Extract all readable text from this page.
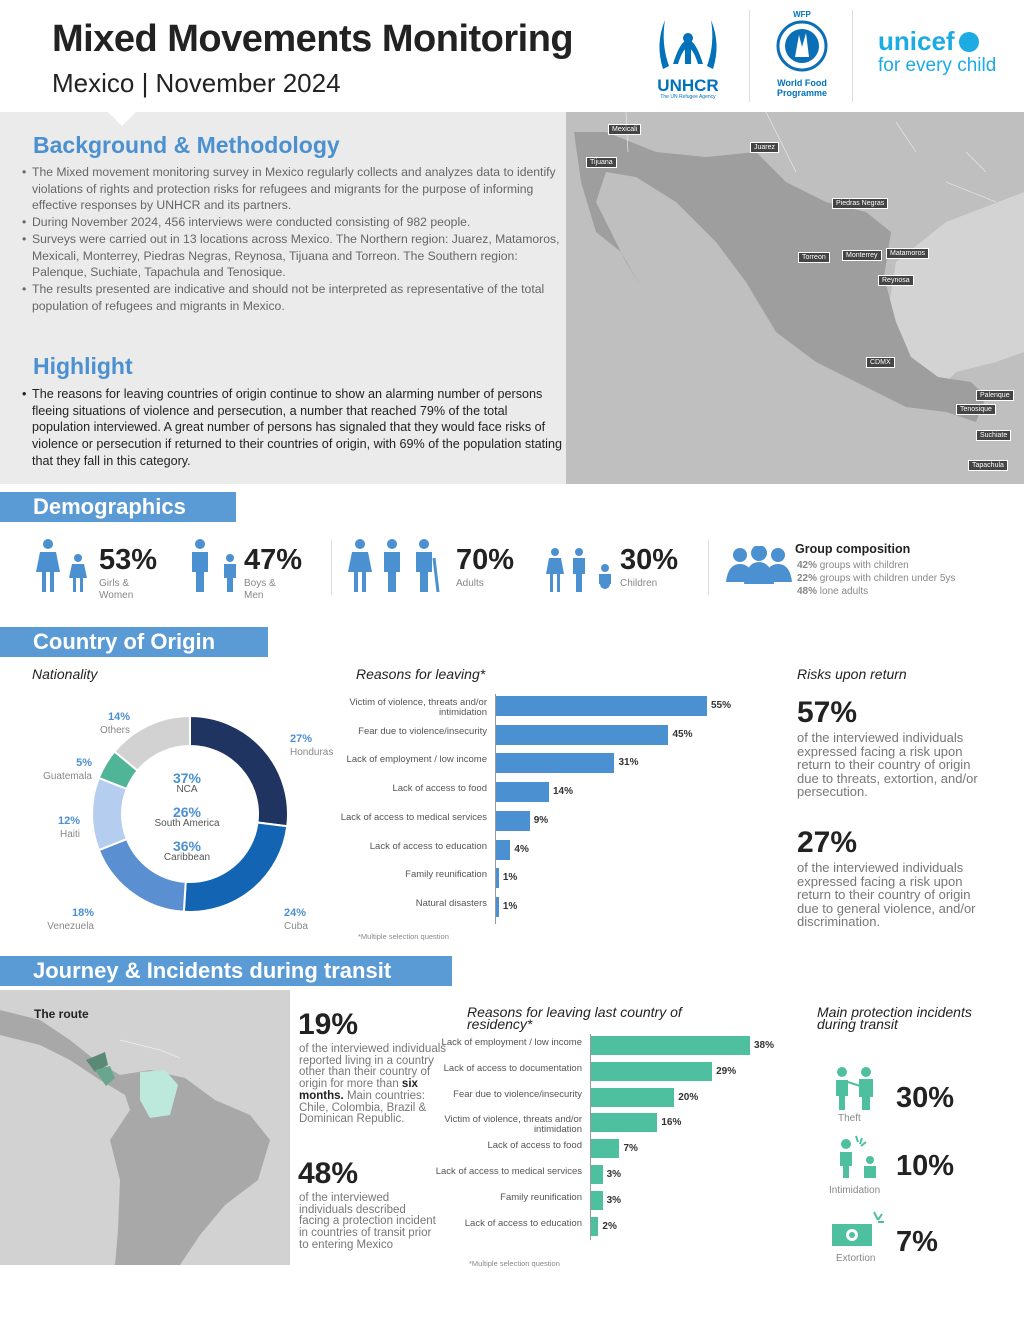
Mixed Movements Monitoring
Mexico | November 2024	UNHCR
The UN Refugee Agency
WFP
World Food Programme
unicef
for every child
Background & Methodology
• The Mixed movement monitoring survey in Mexico regularly collects and analyzes data to identify violations of rights and protection risks for refugees and migrants for the purpose of informing effective responses by UNHCR and its partners.
• During November 2024, 456 interviews were conducted consisting of 982 people.
• Surveys were carried out in 13 locations across Mexico. The Northern region: Juarez, Matamoros, Mexicali, Monterrey, Piedras Negras, Reynosa, Tijuana and Torreon. The Southern region: Palenque, Suchiate, Tapachula and Tenosique.
• The results presented are indicative and should not be interpreted as representative of the total population of refugees and migrants in Mexico.
Highlight
• The reasons for leaving countries of origin continue to show an alarming number of persons fleeing situations of violence and persecution, a number that reached 79% of the total population interviewed. A great number of persons has signaled that they would face risks of violence or persecution if returned to their countries of origin, with 69% of the population stating that they fall in this category.
Mexicali
Tijuana
Juarez
Piedras Negras
Torreon	Monterrey	Matamoros
Reynosa
CDMX
Palenque
Tenosique
Suchiate
Tapachula
Demographics
53%
Girls & Women
47%
Boys & Men
70%
Adults
30%
Children
Group composition
42% groups with children
22% groups with children under 5ys
48% lone adults
Country of Origin
Nationality	Reasons for leaving*	Risks upon return
27%
Honduras
24%
Cuba
18%
Venezuela
12%
Haiti
5%
Guatemala
14%
Others
37%
NCA
26%
South America
36%
Caribbean
Victim of violence, threats and/or intimidation
55%
Fear due to violence/insecurity	45%
Lack of employment / low income	31%
Lack of access to food	14%
Lack of access to medical services	9%
Lack of access to education	4%
Family reunification 1%
Natural disasters 1%
*Multiple selection question
57%
of the interviewed individuals expressed facing a risk upon return to their country of origin due to threats, extortion, and/or persecution.
27%
of the interviewed individuals expressed facing a risk upon return to their country of origin due to general violence, and/or discrimination.
Journey & Incidents during transit
The route	19%
of the interviewed individuals reported living in a country other than their country of origin for more than six months. Main countries: Chile, Colombia, Brazil & Dominican Republic.
48%
of the interviewed individuals described facing a protection incident in countries of transit prior to entering Mexico
Reasons for leaving last country of residency*
Lack of employment / low income	38%
Lack of access to documentation	29%
Fear due to violence/insecurity	20%
Victim of violence, threats and/or intimidation
16%
Lack of access to food	7%
Lack of access to medical services 3%
Family reunification 3%
Lack of access to education 2%
*Multiple selection question
Main protection incidents during transit
Theft
30%
Intimidation
10%
Extortion
7%
